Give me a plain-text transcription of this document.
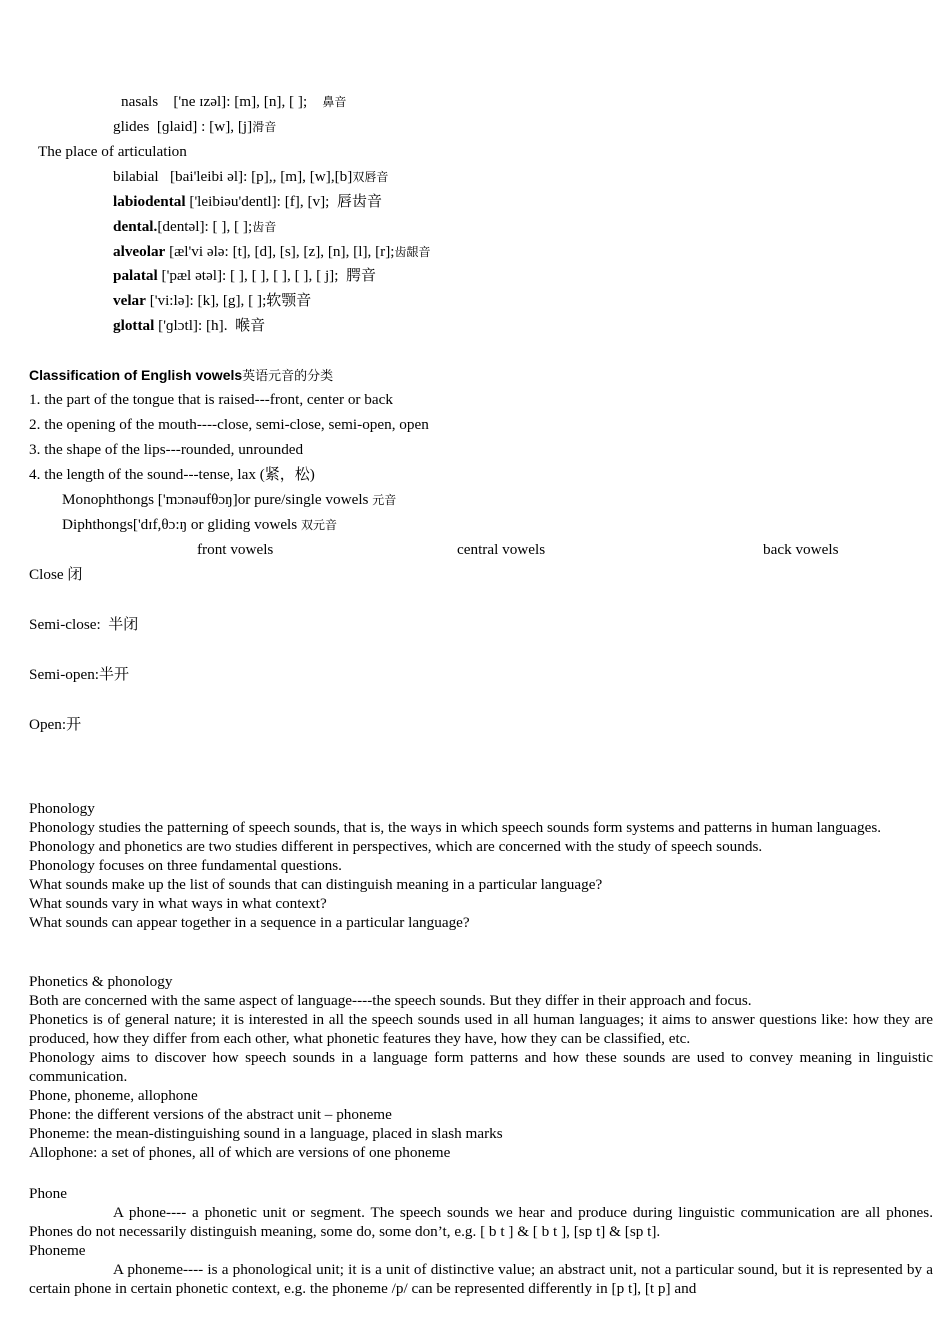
nasals ['ne ɪzəl]: [m], [n], [ ]; 鼻音
glides [ɡlaid] : [w], [j]滑音
The place of articulation
bilabial [bai'leibi əl]: [p],, [m], [w],[b]双唇音
labiodental ['leibiəu'dentl]: [f], [v]; 唇齿音
dental.[dentəl]: [ ], [ ];齿音
alveolar [æl'vi ələ: [t], [d], [s], [z], [n], [l], [r];齿龈音
palatal ['pæl ətəl]: [ ], [ ], [ ], [ ], [ j]; 腭音
velar ['vi:lə]: [k], [g], [ ];软颚音
glottal ['ɡlɔtl]: [h]. 喉音
Classification of English vowels英语元音的分类
1. the part of the tongue that is raised---front, center or back
2. the opening of the mouth----close, semi-close, semi-open, open
3. the shape of the lips---rounded, unrounded
4. the length of the sound---tense, lax (紧，松)
Monophthongs ['mɔnəufθɔŋ]or pure/single vowels 元音
Diphthongs['dɪf,θɔ:ŋ or gliding vowels 双元音
front vowels	central vowels	back vowels
Close 闭
Semi-close: 半闭
Semi-open:半开
Open:开
Phonology
Phonology studies the patterning of speech sounds, that is, the ways in which speech sounds form systems and patterns in human languages.
Phonology and phonetics are two studies different in perspectives, which are concerned with the study of speech sounds.
Phonology focuses on three fundamental questions.
What sounds make up the list of sounds that can distinguish meaning in a particular language?
What sounds vary in what ways in what context?
What sounds can appear together in a sequence in a particular language?
Phonetics & phonology
Both are concerned with the same aspect of language----the speech sounds. But they differ in their approach and focus.
Phonetics is of general nature; it is interested in all the speech sounds used in all human languages; it aims to answer questions like: how they are produced, how they differ from each other, what phonetic features they have, how they can be classified, etc.
Phonology aims to discover how speech sounds in a language form patterns and how these sounds are used to convey meaning in linguistic communication.
Phone, phoneme, allophone
Phone: the different versions of the abstract unit – phoneme
Phoneme: the mean-distinguishing sound in a language, placed in slash marks
Allophone: a set of phones, all of which are versions of one phoneme
Phone
A phone---- a phonetic unit or segment. The speech sounds we hear and produce during linguistic communication are all phones. Phones do not necessarily distinguish meaning, some do, some don’t, e.g. [ b t ] & [ b t ], [sp t] & [sp t].
Phoneme
A phoneme---- is a phonological unit; it is a unit of distinctive value; an abstract unit, not a particular sound, but it is represented by a certain phone in certain phonetic context, e.g. the phoneme /p/ can be represented differently in [p t], [t p] and
